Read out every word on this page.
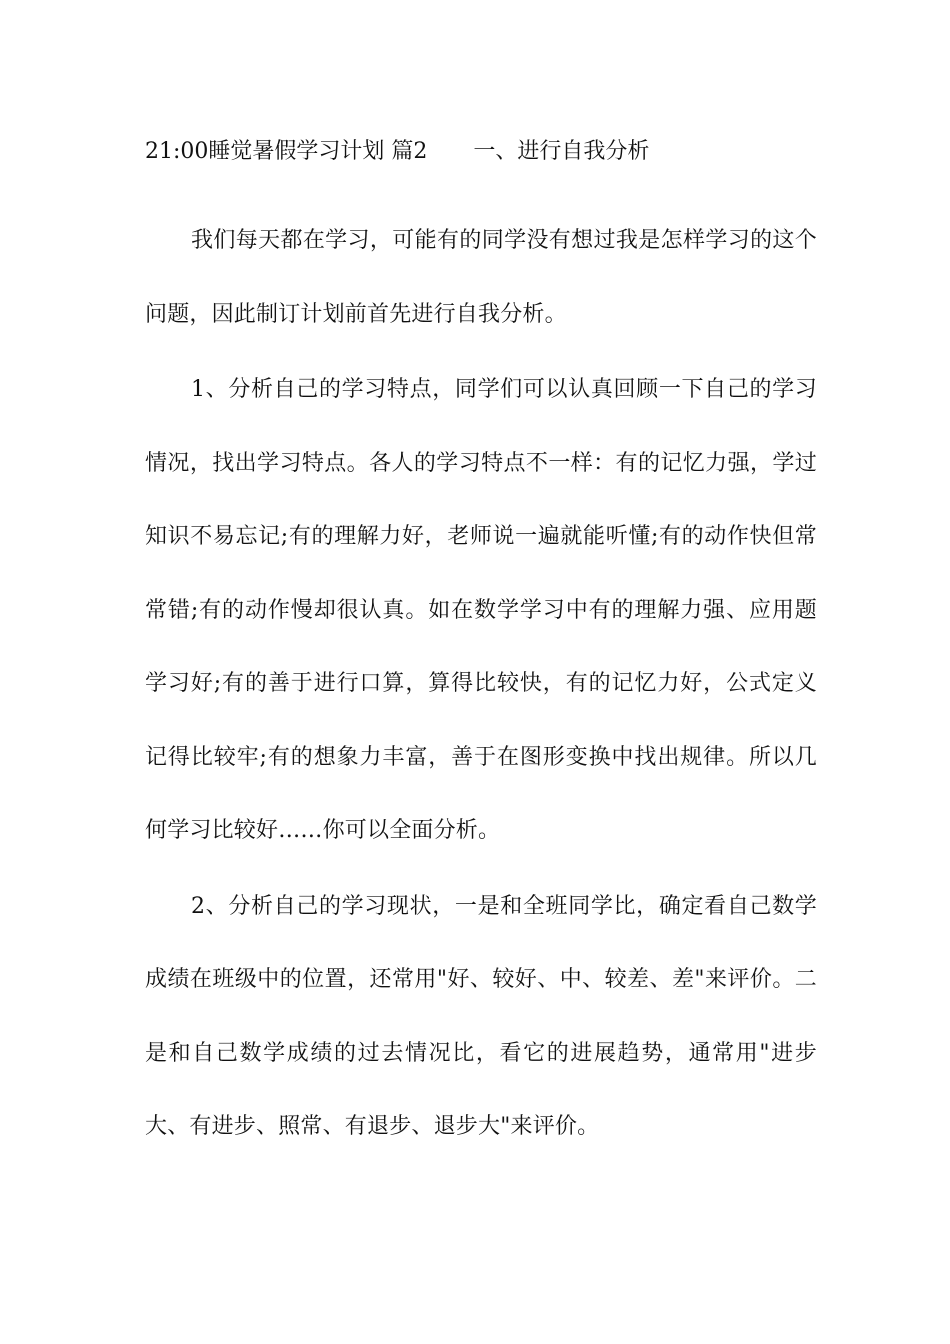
21:00睡觉暑假学习计划 篇2 一、进行自我分析

我们每天都在学习，可能有的同学没有想过我是怎样学习的这个问题，因此制订计划前首先进行自我分析。

1、分析自己的学习特点，同学们可以认真回顾一下自己的学习情况，找出学习特点。各人的学习特点不一样：有的记忆力强，学过知识不易忘记;有的理解力好，老师说一遍就能听懂;有的动作快但常常错;有的动作慢却很认真。如在数学学习中有的理解力强、应用题学习好;有的善于进行口算，算得比较快，有的记忆力好，公式定义记得比较牢;有的想象力丰富，善于在图形变换中找出规律。所以几何学习比较好……你可以全面分析。

2、分析自己的学习现状，一是和全班同学比，确定看自己数学成绩在班级中的位置，还常用"好、较好、中、较差、差"来评价。二是和自己数学成绩的过去情况比，看它的进展趋势，通常用"进步大、有进步、照常、有退步、退步大"来评价。
